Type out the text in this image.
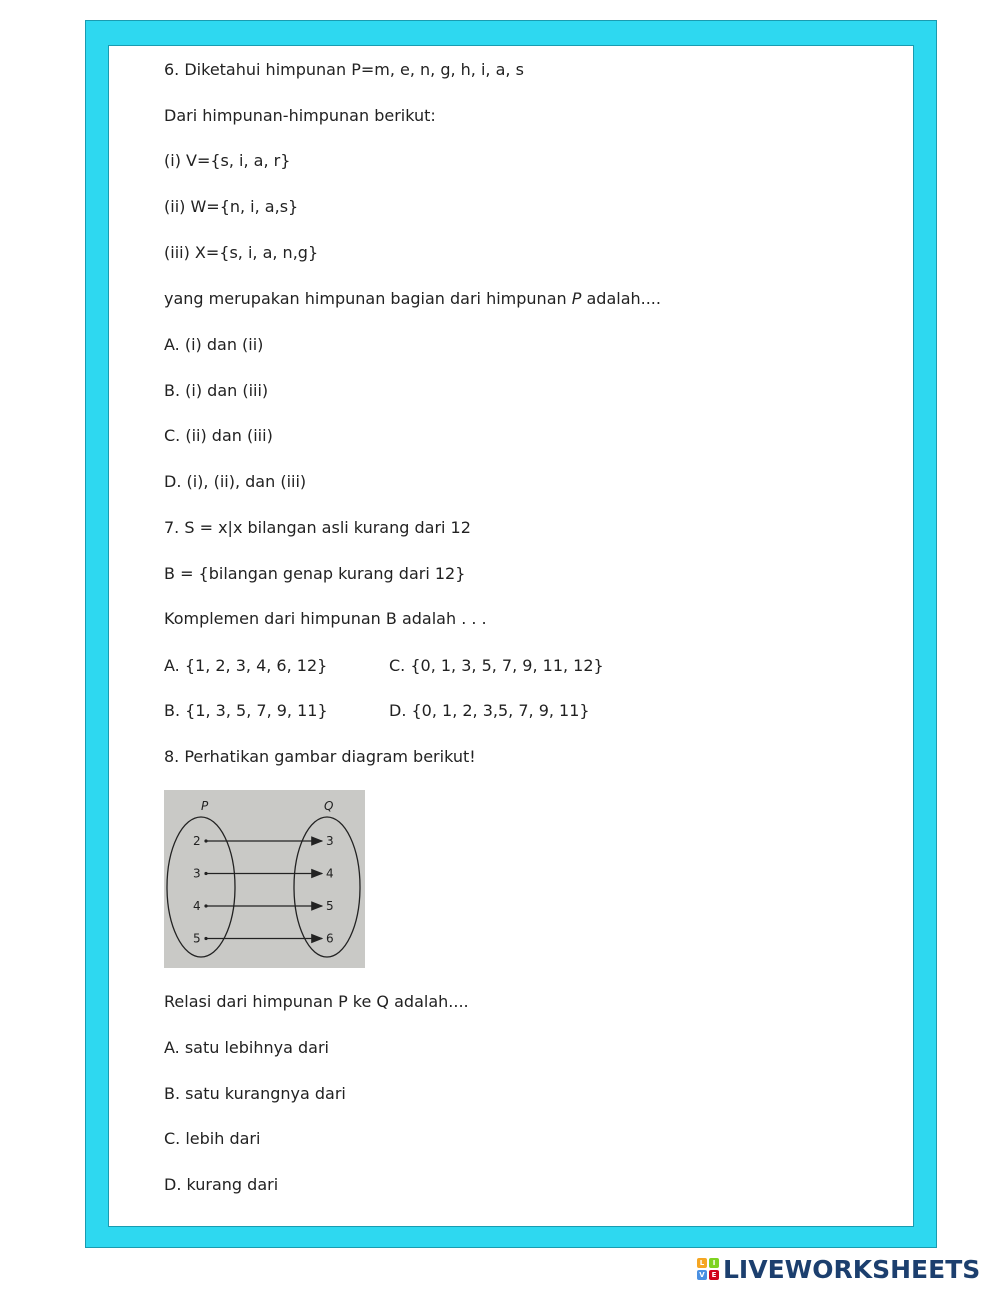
6. Diketahui himpunan P=m, e, n, g, h, i, a, s
Dari himpunan-himpunan berikut:
(i) V={s, i, a, r}
(ii) W={n, i, a,s}
(iii) X={s, i, a, n,g}
yang merupakan himpunan bagian dari himpunan P adalah....
A. (i) dan (ii)
B. (i) dan (iii)
C. (ii) dan (iii)
D. (i), (ii), dan (iii)
7. S = x|x bilangan asli kurang dari 12
B = {bilangan genap kurang dari 12}
Komplemen dari himpunan B adalah . . .
A. {1, 2, 3, 4, 6, 12}	C. {0, 1, 3, 5, 7, 9, 11, 12}
B. {1, 3, 5, 7, 9, 11}	D. {0, 1, 2, 3,5, 7, 9, 11}
8. Perhatikan gambar diagram berikut!
P	Q
2	3
3	4
4	5
5	6
Relasi dari himpunan P ke Q adalah....
A. satu lebihnya dari
B. satu kurangnya dari
C. lebih dari
D. kurang dari
L	I
V E LIVEWORKSHEETS
